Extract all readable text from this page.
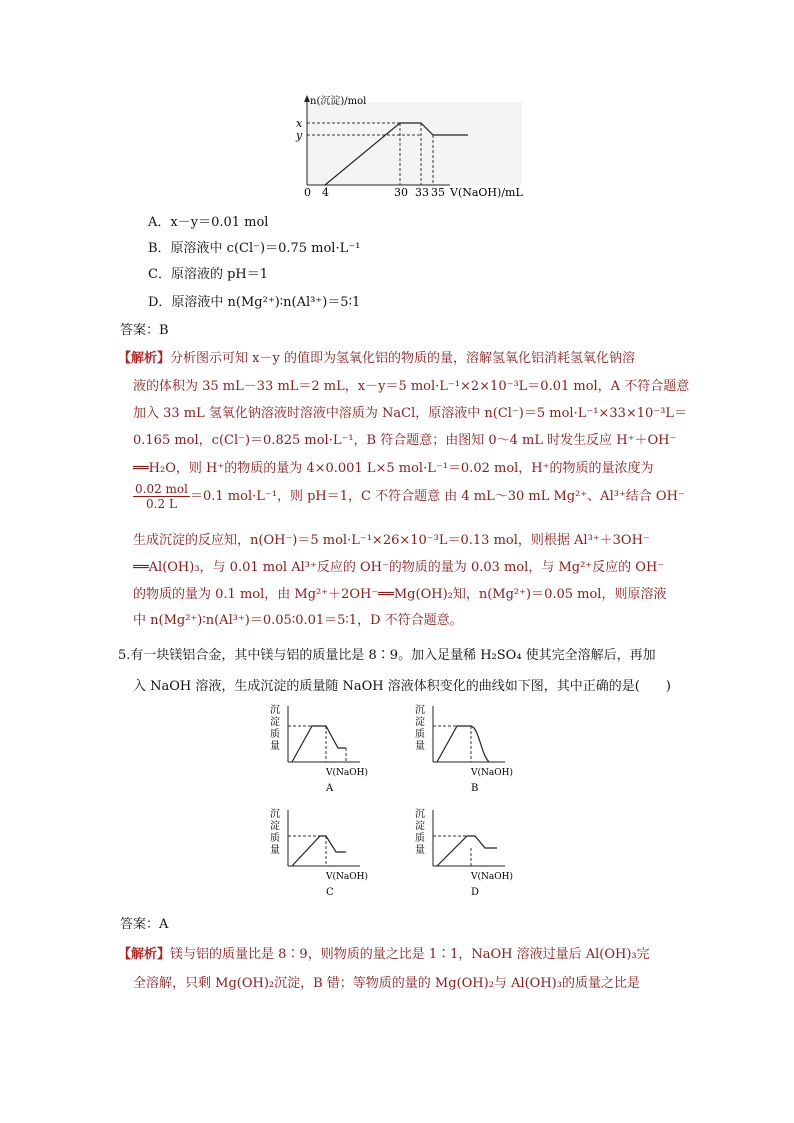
n(沉淀)/mol
x
y
0 4	30 33 35 V(NaOH)/mL
A．x－y＝0.01 mol
B．原溶液中 c(Cl⁻)＝0.75 mol·L⁻¹
C．原溶液的 pH＝1
D．原溶液中 n(Mg²⁺)∶n(Al³⁺)＝5∶1
答案：B
【解析】分析图示可知 x－y 的值即为氢氧化铝的物质的量，溶解氢氧化铝消耗氢氧化钠溶
液的体积为 35 mL－33 mL＝2 mL，x－y＝5 mol·L⁻¹×2×10⁻³L＝0.01 mol，A 不符合题意
加入 33 mL 氢氧化钠溶液时溶液中溶质为 NaCl，原溶液中 n(Cl⁻)＝5 mol·L⁻¹×33×10⁻³L＝
0.165 mol，c(Cl⁻)＝0.825 mol·L⁻¹，B 符合题意；由图知 0～4 mL 时发生反应 H⁺＋OH⁻
══H₂O，则 H⁺的物质的量为 4×0.001 L×5 mol·L⁻¹＝0.02 mol，H⁺的物质的量浓度为
$\frac{\text{0.02 mol}}{0.2 L} =0.1$ mol·L⁻¹，则 pH＝1，C 不符合题意 由 4 mL～30 mL Mg²⁺、Al³⁺结合 OH⁻
生成沉淀的反应知，n(OH⁻)＝5 mol·L⁻¹×26×10⁻³L＝0.13 mol，则根据 Al³⁺＋3OH⁻
══Al(OH)₃，与 0.01 mol Al³⁺反应的 OH⁻的物质的量为 0.03 mol，与 Mg²⁺反应的 OH⁻
的物质的量为 0.1 mol，由 Mg²⁺＋2OH⁻══Mg(OH)₂知，n(Mg²⁺)＝0.05 mol，则原溶液
中 n(Mg²⁺)∶n(Al³⁺)＝0.05∶0.01＝5∶1，D 不符合题意。
5.有一块镁铝合金，其中镁与铝的质量比是 8∶9。加入足量稀 H₂SO₄ 使其完全溶解后，再加
入 NaOH 溶液，生成沉淀的质量随 NaOH 溶液体积变化的曲线如下图，其中正确的是(　　)
沉
淀
质
量
V(NaOH)
A
沉
淀
质
量
V(NaOH)
B
沉
淀
质
量
V(NaOH)
C
沉
淀
质
量
V(NaOH)
D
答案：A
【解析】镁与铝的质量比是 8∶9，则物质的量之比是 1∶1，NaOH 溶液过量后 Al(OH)₃完
全溶解，只剩 Mg(OH)₂沉淀，B 错；等物质的量的 Mg(OH)₂与 Al(OH)₃的质量之比是
